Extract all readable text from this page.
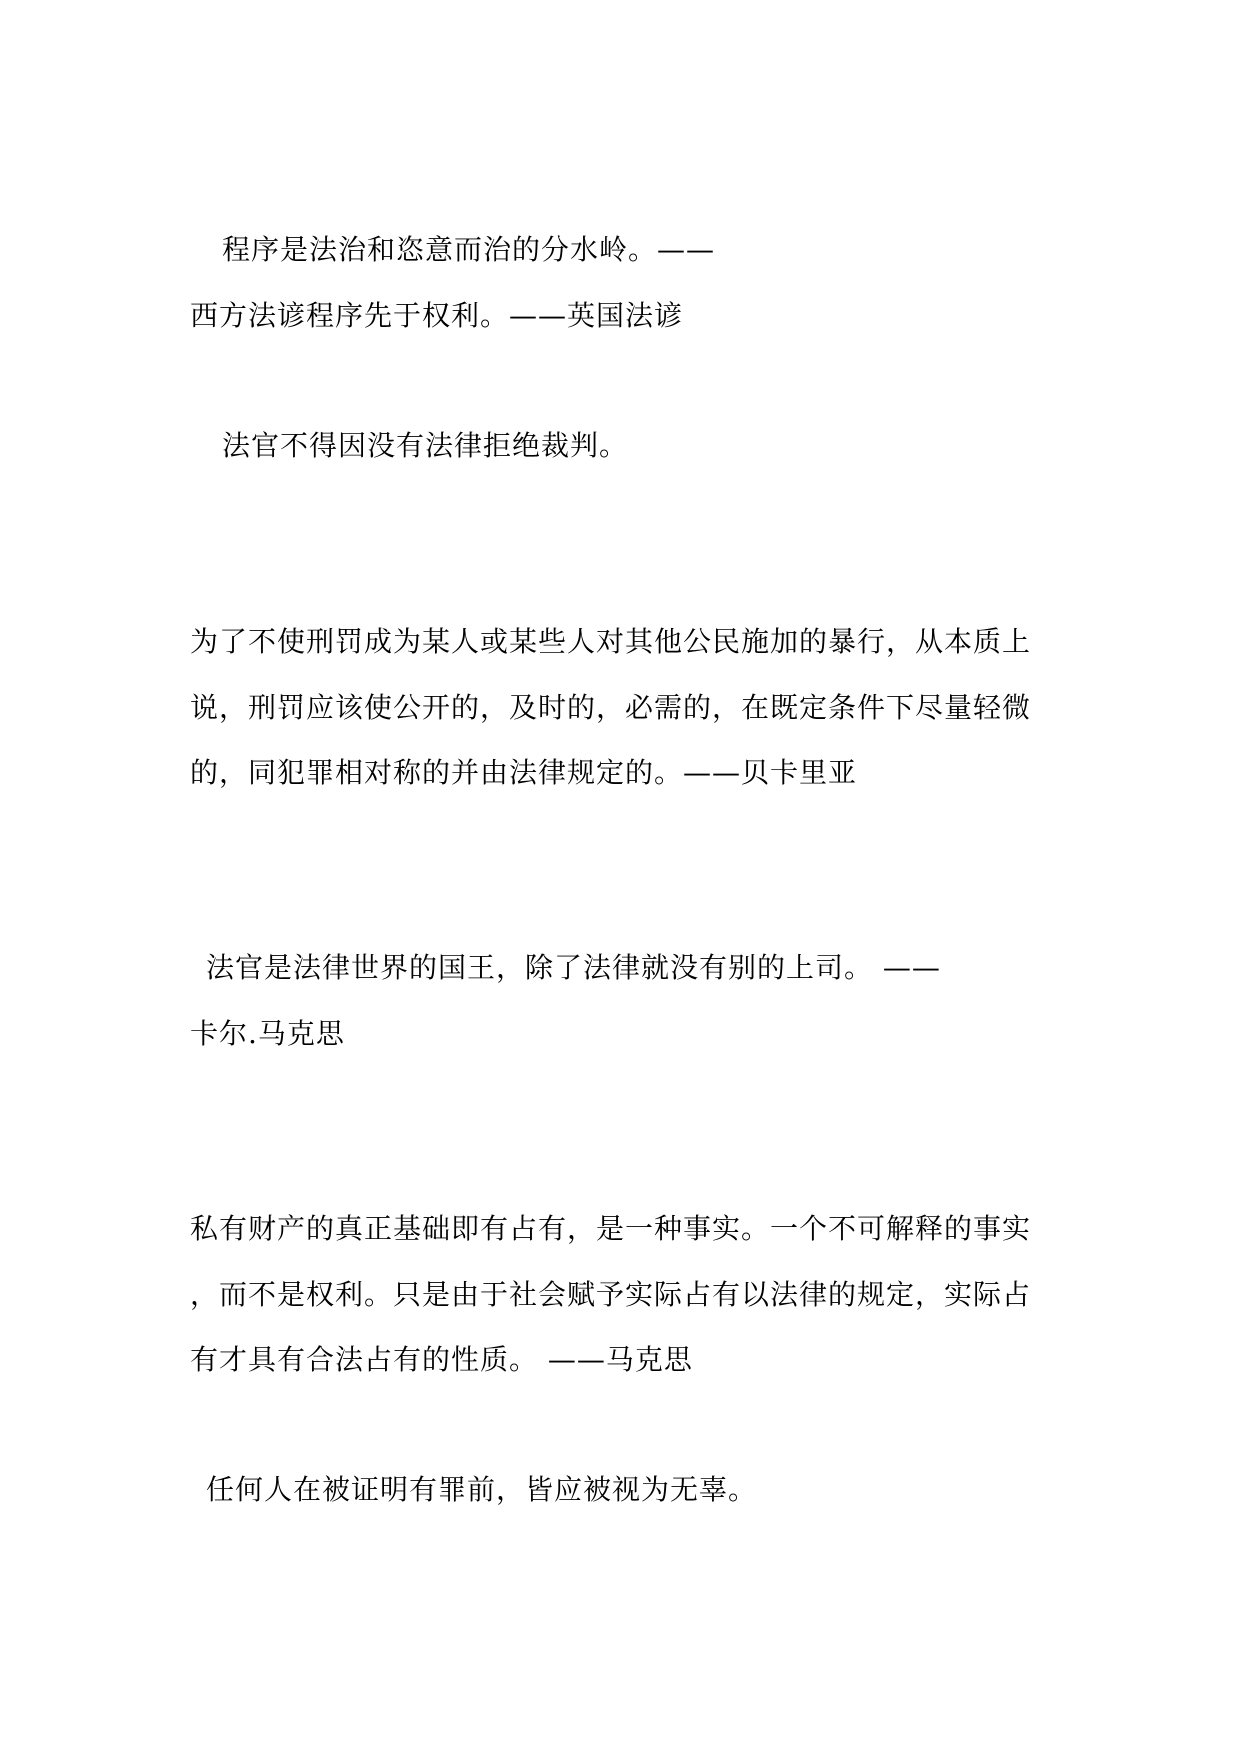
程序是法治和恣意而治的分水岭。——

西方法谚程序先于权利。——英国法谚

法官不得因没有法律拒绝裁判。

为了不使刑罚成为某人或某些人对其他公民施加的暴行，从本质上

说，刑罚应该使公开的，及时的，必需的，在既定条件下尽量轻微

的，同犯罪相对称的并由法律规定的。——贝卡里亚

法官是法律世界的国王，除了法律就没有别的上司。 ——

卡尔.马克思

私有财产的真正基础即有占有，是一种事实。一个不可解释的事实

，而不是权利。只是由于社会赋予实际占有以法律的规定，实际占

有才具有合法占有的性质。 ——马克思

任何人在被证明有罪前，皆应被视为无辜。
